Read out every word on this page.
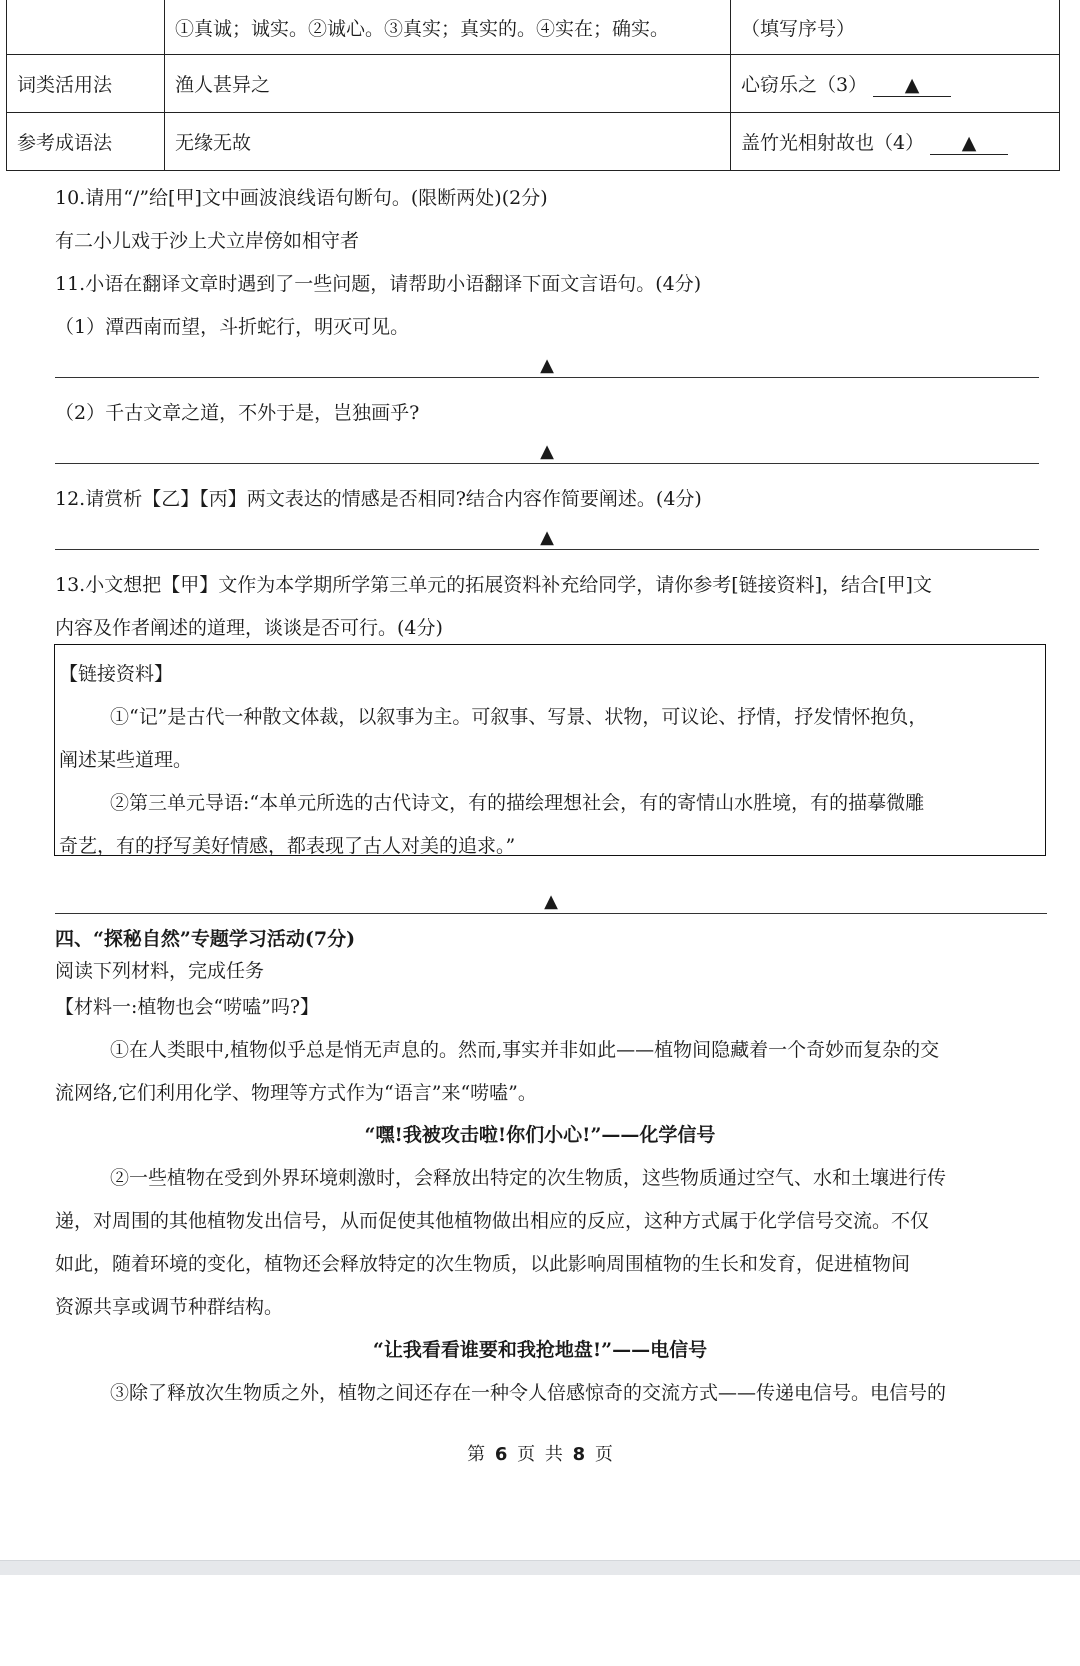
	①真诚；诚实。②诚心。③真实；真实的。④实在；确实。	（填写序号）
词类活用法	渔人甚异之	心窃乐之（3） ▲
参考成语法	无缘无故	盖竹光相射故也（4） ▲
10.请用“/”给[甲]文中画波浪线语句断句。(限断两处)(2分)
有二小儿戏于沙上犬立岸傍如相守者
11.小语在翻译文章时遇到了一些问题，请帮助小语翻译下面文言语句。(4分)
（1）潭西南而望，斗折蛇行，明灭可见。
▲
（2）千古文章之道，不外于是，岂独画乎?
▲
12.请赏析【乙】【丙】两文表达的情感是否相同?结合内容作简要阐述。(4分)
▲
13.小文想把【甲】文作为本学期所学第三单元的拓展资料补充给同学，请你参考[链接资料]，结合[甲]文
内容及作者阐述的道理，谈谈是否可行。(4分)
【链接资料】
①“记”是古代一种散文体裁，以叙事为主。可叙事、写景、状物，可议论、抒情，抒发情怀抱负，
阐述某些道理。
②第三单元导语:“本单元所选的古代诗文，有的描绘理想社会，有的寄情山水胜境，有的描摹微雕
奇艺，有的抒写美好情感，都表现了古人对美的追求。”
▲
四、“探秘自然”专题学习活动(7分)
阅读下列材料，完成任务
【材料一:植物也会“唠嗑”吗?】
①在人类眼中,植物似乎总是悄无声息的。然而,事实并非如此——植物间隐藏着一个奇妙而复杂的交
流网络,它们利用化学、物理等方式作为“语言”来“唠嗑”。
“嘿!我被攻击啦!你们小心!”——化学信号
②一些植物在受到外界环境刺激时，会释放出特定的次生物质，这些物质通过空气、水和土壤进行传
递，对周围的其他植物发出信号，从而促使其他植物做出相应的反应，这种方式属于化学信号交流。不仅
如此，随着环境的变化，植物还会释放特定的次生物质，以此影响周围植物的生长和发育，促进植物间
资源共享或调节种群结构。
“让我看看谁要和我抢地盘!”——电信号
③除了释放次生物质之外，植物之间还存在一种令人倍感惊奇的交流方式——传递电信号。电信号的
第 6 页 共 8 页
